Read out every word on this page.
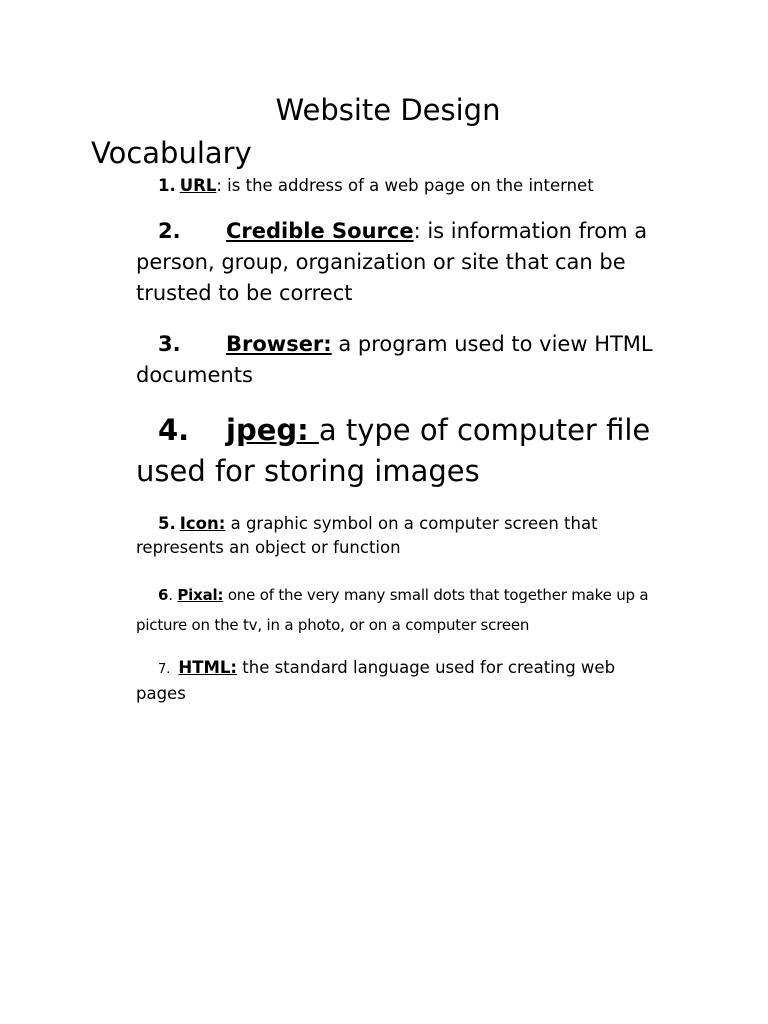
Website Design
Vocabulary
1. URL: is the address of a web page on the internet
2. Credible Source: is information from a person, group, organization or site that can be trusted to be correct
3. Browser: a program used to view HTML documents
4. jpeg: a type of computer file used for storing images
5. Icon: a graphic symbol on a computer screen that represents an object or function
6. Pixal: one of the very many small dots that together make up a picture on the tv, in a photo, or on a computer screen
7. HTML: the standard language used for creating web pages
